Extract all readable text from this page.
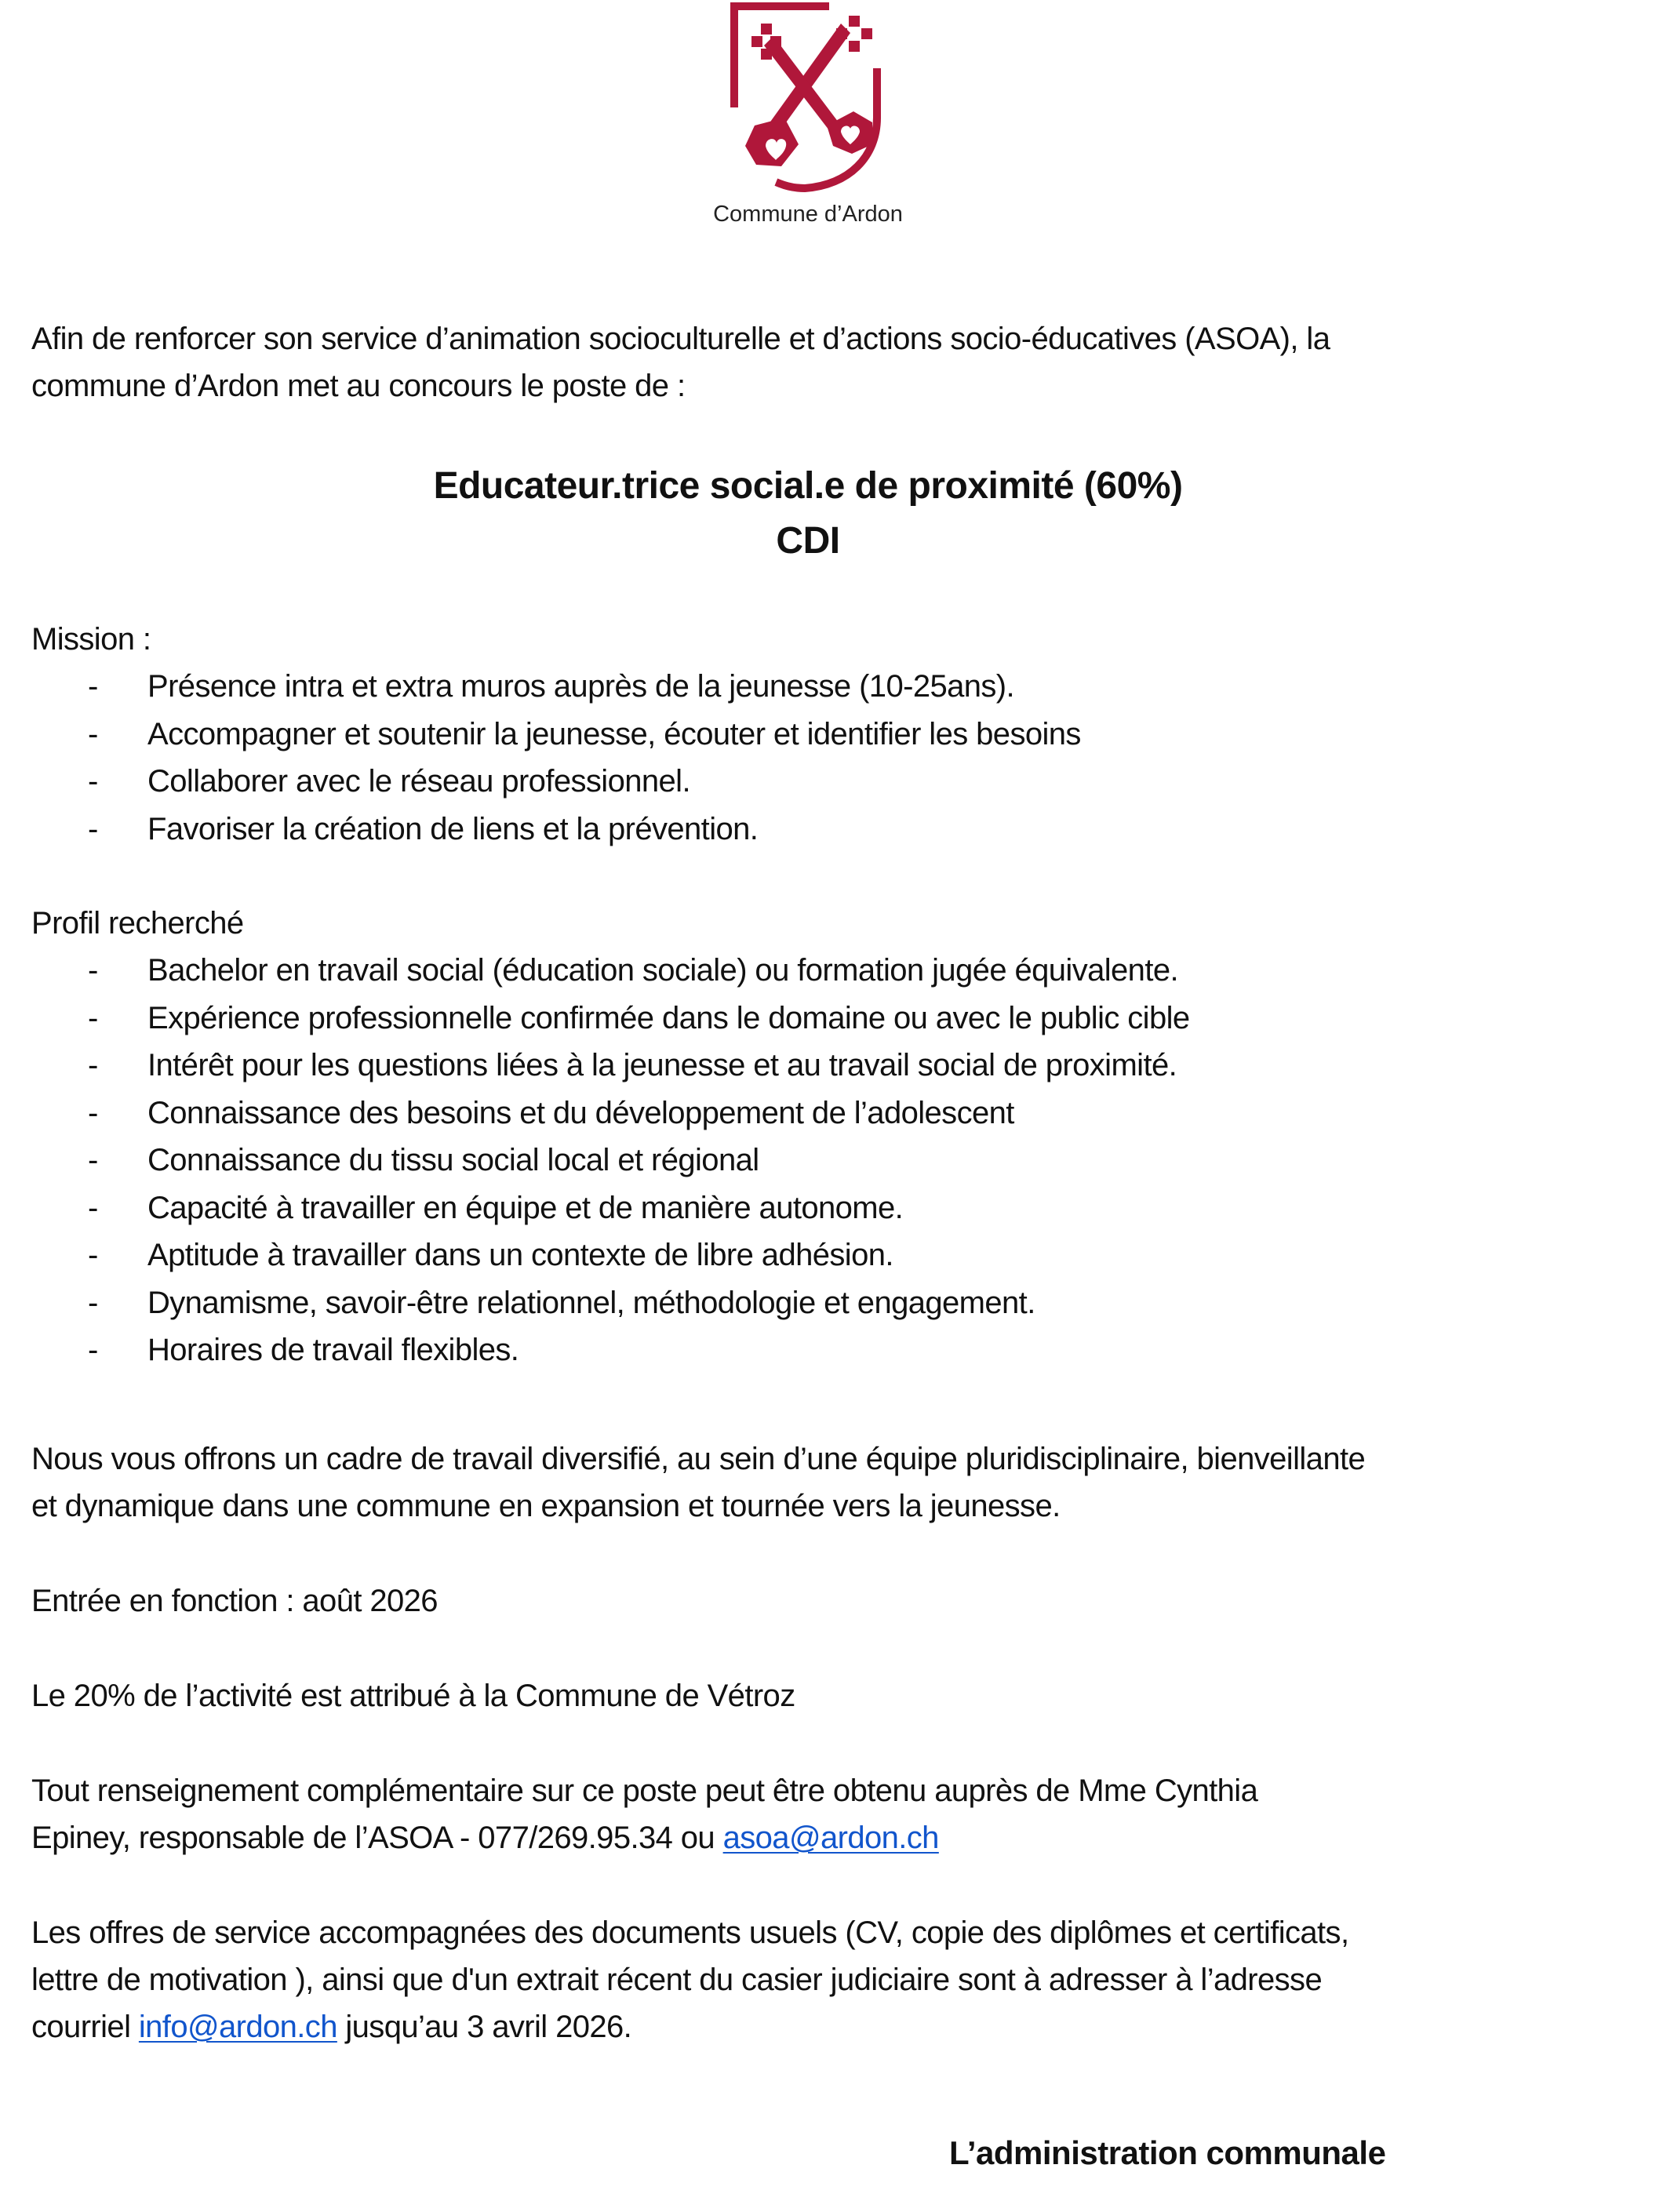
Commune d’Ardon
Afin de renforcer son service d’animation socioculturelle et d’actions socio-éducatives (ASOA), la
commune d’Ardon met au concours le poste de :
Educateur.trice social.e de proximité (60%)
CDI
Mission :
- Présence intra et extra muros auprès de la jeunesse (10-25ans).
- Accompagner et soutenir la jeunesse, écouter et identifier les besoins
- Collaborer avec le réseau professionnel.
- Favoriser la création de liens et la prévention.
Profil recherché
- Bachelor en travail social (éducation sociale) ou formation jugée équivalente.
- Expérience professionnelle confirmée dans le domaine ou avec le public cible
- Intérêt pour les questions liées à la jeunesse et au travail social de proximité.
- Connaissance des besoins et du développement de l’adolescent
- Connaissance du tissu social local et régional
- Capacité à travailler en équipe et de manière autonome.
- Aptitude à travailler dans un contexte de libre adhésion.
- Dynamisme, savoir-être relationnel, méthodologie et engagement.
- Horaires de travail flexibles.
Nous vous offrons un cadre de travail diversifié, au sein d’une équipe pluridisciplinaire, bienveillante
et dynamique dans une commune en expansion et tournée vers la jeunesse.
Entrée en fonction : août 2026
Le 20% de l’activité est attribué à la Commune de Vétroz
Tout renseignement complémentaire sur ce poste peut être obtenu auprès de Mme Cynthia
Epiney, responsable de l’ASOA - 077/269.95.34 ou asoa@ardon.ch
Les offres de service accompagnées des documents usuels (CV, copie des diplômes et certificats,
lettre de motivation ), ainsi que d'un extrait récent du casier judiciaire sont à adresser à l’adresse
courriel info@ardon.ch jusqu’au 3 avril 2026.
L’administration communale
